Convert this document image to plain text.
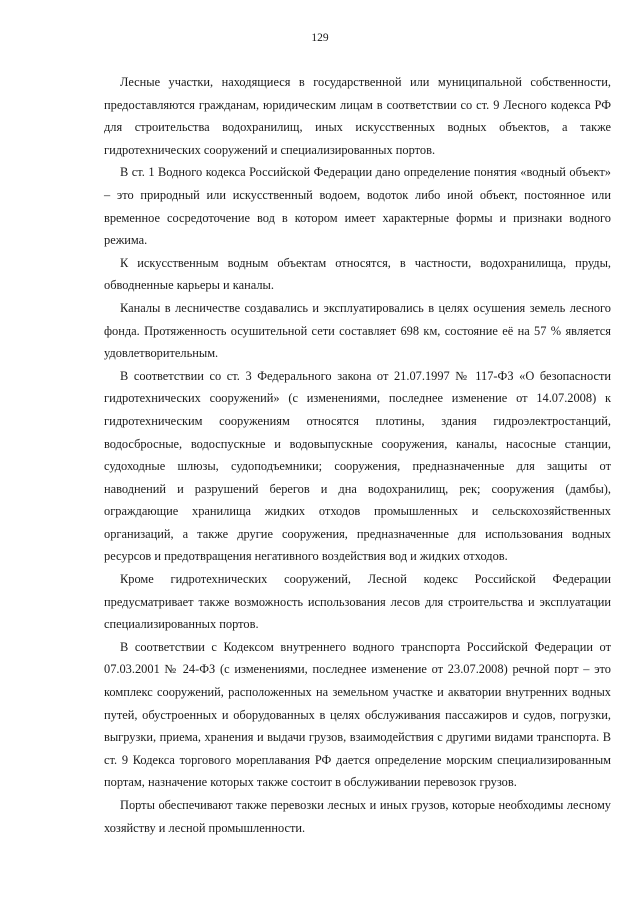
129

Лесные участки, находящиеся в государственной или муниципальной собственности, предоставляются гражданам, юридическим лицам в соответствии со ст. 9 Лесного кодекса РФ для строительства водохранилищ, иных искусственных водных объектов, а также гидротехнических сооружений и специализированных портов.

В ст. 1 Водного кодекса Российской Федерации дано определение понятия «водный объект» – это природный или искусственный водоем, водоток либо иной объект, постоянное или временное сосредоточение вод в котором имеет характерные формы и признаки водного режима.

К искусственным водным объектам относятся, в частности, водохранилища, пруды, обводненные карьеры и каналы.

Каналы в лесничестве создавались и эксплуатировались в целях осушения земель лесного фонда. Протяженность осушительной сети составляет 698 км, состояние её на 57 % является удовлетворительным.

В соответствии со ст. 3 Федерального закона от 21.07.1997 № 117-ФЗ «О безопасности гидротехнических сооружений» (с изменениями, последнее изменение от 14.07.2008) к гидротехническим сооружениям относятся плотины, здания гидроэлектростанций, водосбросные, водоспускные и водовыпускные сооружения, каналы, насосные станции, судоходные шлюзы, судоподъемники; сооружения, предназначенные для защиты от наводнений и разрушений берегов и дна водохранилищ, рек; сооружения (дамбы), ограждающие хранилища жидких отходов промышленных и сельскохозяйственных организаций, а также другие сооружения, предназначенные для использования водных ресурсов и предотвращения негативного воздействия вод и жидких отходов.

Кроме гидротехнических сооружений, Лесной кодекс Российской Федерации предусматривает также возможность использования лесов для строительства и эксплуатации специализированных портов.

В соответствии с Кодексом внутреннего водного транспорта Российской Федерации от 07.03.2001 № 24-ФЗ (с изменениями, последнее изменение от 23.07.2008) речной порт – это комплекс сооружений, расположенных на земельном участке и акватории внутренних водных путей, обустроенных и оборудованных в целях обслуживания пассажиров и судов, погрузки, выгрузки, приема, хранения и выдачи грузов, взаимодействия с другими видами транспорта. В ст. 9 Кодекса торгового мореплавания РФ дается определение морским специализированным портам, назначение которых также состоит в обслуживании перевозок грузов.

Порты обеспечивают также перевозки лесных и иных грузов, которые необходимы лесному хозяйству и лесной промышленности.
